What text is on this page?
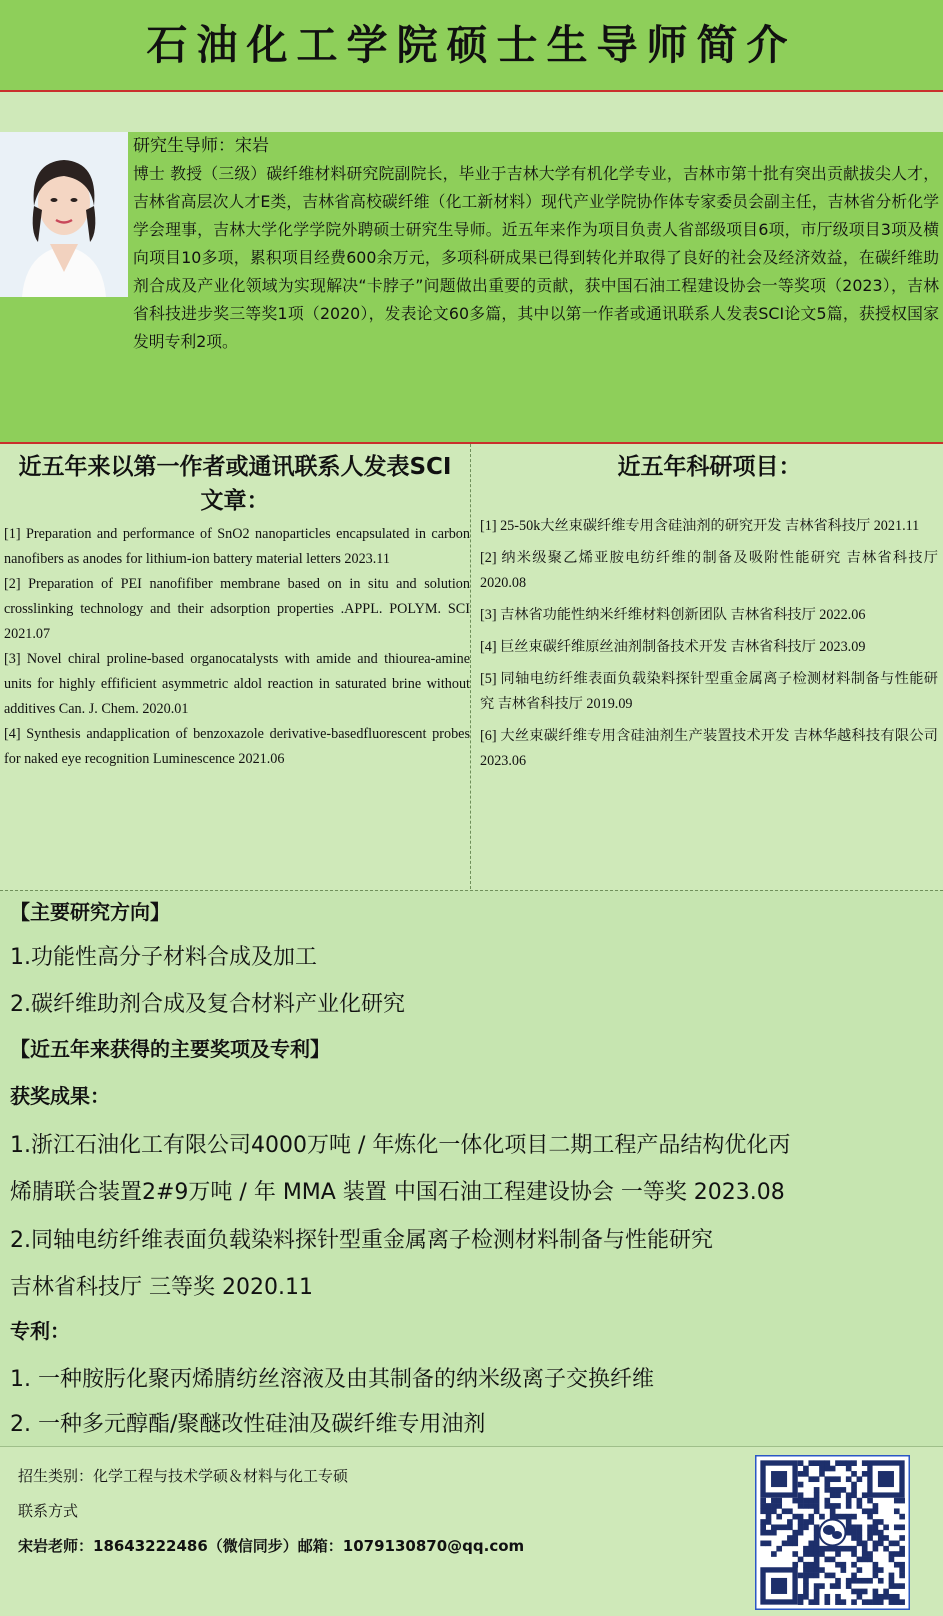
石油化工学院硕士生导师简介
研究生导师：宋岩
博士 教授（三级）碳纤维材料研究院副院长，毕业于吉林大学有机化学专业，吉林市第十批有突出贡献拔尖人才，吉林省高层次人才E类，吉林省高校碳纤维（化工新材料）现代产业学院协作体专家委员会副主任，吉林省分析化学学会理事，吉林大学化学学院外聘硕士研究生导师。近五年来作为项目负责人省部级项目6项，市厅级项目3项及横向项目10多项，累积项目经费600余万元，多项科研成果已得到转化并取得了良好的社会及经济效益，在碳纤维助剂合成及产业化领域为实现解决“卡脖子”问题做出重要的贡献，获中国石油工程建设协会一等奖项（2023），吉林省科技进步奖三等奖1项（2020），发表论文60多篇，其中以第一作者或通讯联系人发表SCI论文5篇，获授权国家发明专利2项。
近五年来以第一作者或通讯联系人发表SCI文章：
[1] Preparation and performance of SnO2 nanoparticles encapsulated in carbon nanofibers as anodes for lithium-ion battery material letters 2023.11
[2] Preparation of PEI nanofifiber membrane based on in situ and solution crosslinking technology and their adsorption properties .APPL. POLYM. SCI 2021.07
[3] Novel chiral proline-based organocatalysts with amide and thiourea-amine units for highly effificient asymmetric aldol reaction in saturated brine without additives Can. J. Chem. 2020.01
[4] Synthesis andapplication of benzoxazole derivative-basedfluorescent probes for naked eye recognition Luminescence 2021.06
近五年科研项目：
[1] 25-50k大丝束碳纤维专用含硅油剂的研究开发 吉林省科技厅 2021.11
[2] 纳米级聚乙烯亚胺电纺纤维的制备及吸附性能研究 吉林省科技厅 2020.08
[3] 吉林省功能性纳米纤维材料创新团队 吉林省科技厅 2022.06
[4] 巨丝束碳纤维原丝油剂制备技术开发 吉林省科技厅 2023.09
[5] 同轴电纺纤维表面负载染料探针型重金属离子检测材料制备与性能研究 吉林省科技厅 2019.09
[6] 大丝束碳纤维专用含硅油剂生产装置技术开发 吉林华越科技有限公司 2023.06
【主要研究方向】
1.功能性高分子材料合成及加工
2.碳纤维助剂合成及复合材料产业化研究
【近五年来获得的主要奖项及专利】
获奖成果：
1.浙江石油化工有限公司4000万吨 / 年炼化一体化项目二期工程产品结构优化丙
烯腈联合装置2#9万吨 / 年 MMA 装置 中国石油工程建设协会 一等奖 2023.08
2.同轴电纺纤维表面负载染料探针型重金属离子检测材料制备与性能研究
吉林省科技厅 三等奖 2020.11
专利：
1. 一种胺肟化聚丙烯腈纺丝溶液及由其制备的纳米级离子交换纤维
2. 一种多元醇酯/聚醚改性硅油及碳纤维专用油剂
招生类别：化学工程与技术学硕＆材料与化工专硕
联系方式
宋岩老师：18643222486（微信同步）邮箱：1079130870@qq.com
